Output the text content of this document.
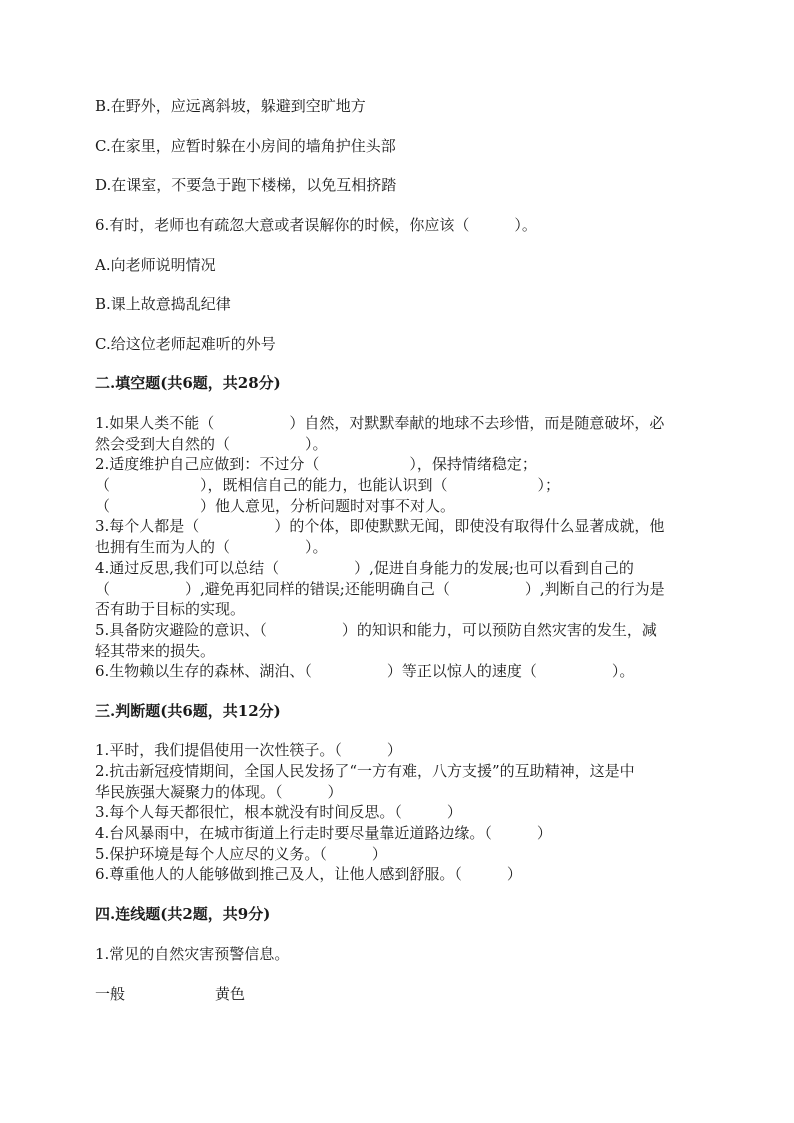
B.在野外，应远离斜坡，躲避到空旷地方
C.在家里，应暂时躲在小房间的墙角护住头部
D.在课室，不要急于跑下楼梯，以免互相挤踏
6.有时，老师也有疏忽大意或者误解你的时候，你应该（　　　）。
A.向老师说明情况
B.课上故意捣乱纪律
C.给这位老师起难听的外号
二.填空题(共6题，共28分)
1.如果人类不能（　　　　　）自然，对默默奉献的地球不去珍惜，而是随意破坏，必
然会受到大自然的（　　　　　）。
2.适度维护自己应做到：不过分（　　　　　　），保持情绪稳定；
（　　　　　　），既相信自己的能力，也能认识到（　　　　　　）；
（　　　　　　）他人意见，分析问题时对事不对人。
3.每个人都是（　　　　　）的个体，即使默默无闻，即使没有取得什么显著成就，他
也拥有生而为人的（　　　　　）。
4.通过反思,我们可以总结（　　　　　）,促进自身能力的发展;也可以看到自己的
（　　　　　）,避免再犯同样的错误;还能明确自己（　　　　　）,判断自己的行为是
否有助于目标的实现。
5.具备防灾避险的意识、（　　　　　）的知识和能力，可以预防自然灾害的发生，减
轻其带来的损失。
6.生物赖以生存的森林、湖泊、（　　　　　）等正以惊人的速度（　　　　　）。
三.判断题(共6题，共12分)
1.平时，我们提倡使用一次性筷子。（　　　）
2.抗击新冠疫情期间，全国人民发扬了“一方有难，八方支援”的互助精神，这是中
华民族强大凝聚力的体现。（　　　）
3.每个人每天都很忙，根本就没有时间反思。（　　　）
4.台风暴雨中，在城市街道上行走时要尽量靠近道路边缘。（　　　）
5.保护环境是每个人应尽的义务。（　　　）
6.尊重他人的人能够做到推己及人，让他人感到舒服。（　　　）
四.连线题(共2题，共9分)
1.常见的自然灾害预警信息。
一般	黄色
